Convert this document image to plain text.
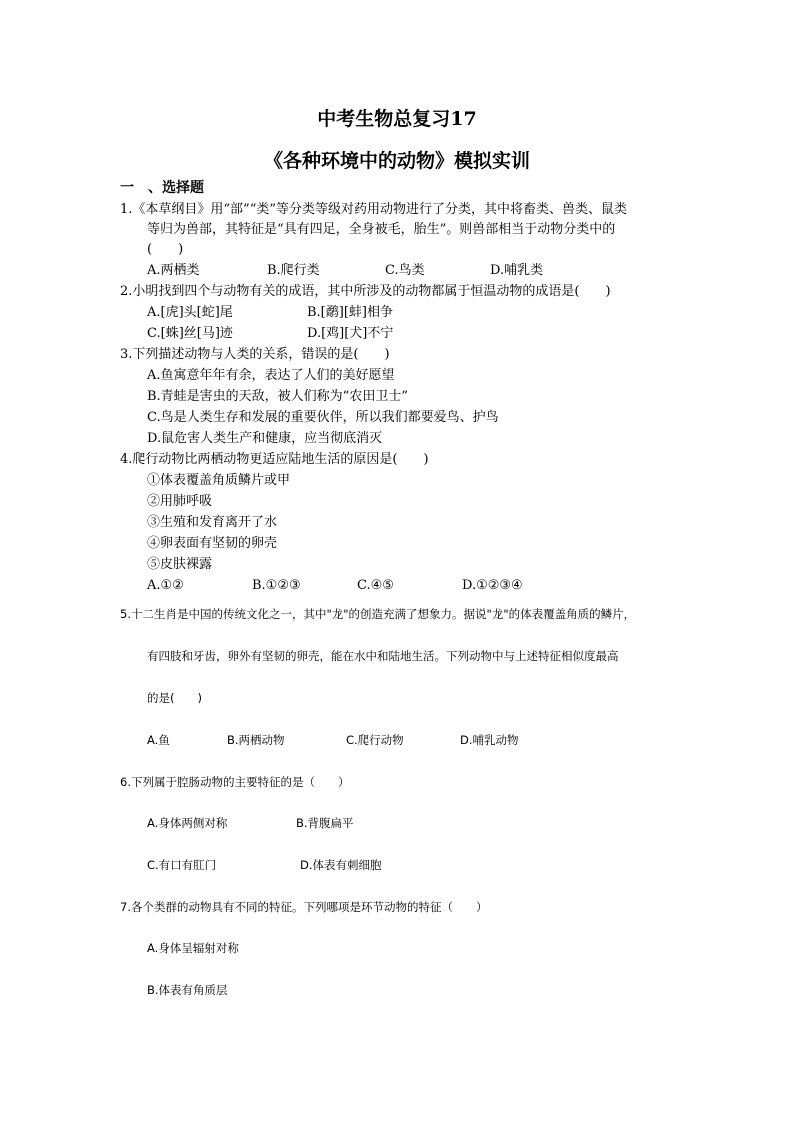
中考生物总复习17
《各种环境中的动物》模拟实训
一　、选择题
1.《本草纲目》用“部”“类”等分类等级对药用动物进行了分类，其中将畜类、兽类、鼠类
等归为兽部，其特征是“具有四足，全身被毛，胎生”。则兽部相当于动物分类中的
(　　)
A.两栖类	B.爬行类	C.鸟类	D.哺乳类
2.小明找到四个与动物有关的成语，其中所涉及的动物都属于恒温动物的成语是(　　)
A.[虎]头[蛇]尾	B.[鹬][蚌]相争
C.[蛛]丝[马]迹	D.[鸡][犬]不宁
3.下列描述动物与人类的关系，错误的是(　　)
A.鱼寓意年年有余，表达了人们的美好愿望
B.青蛙是害虫的天敌，被人们称为“农田卫士”
C.鸟是人类生存和发展的重要伙伴，所以我们都要爱鸟、护鸟
D.鼠危害人类生产和健康，应当彻底消灭
4.爬行动物比两栖动物更适应陆地生活的原因是(　　)
①体表覆盖角质鳞片或甲
②用肺呼吸
③生殖和发育离开了水
④卵表面有坚韧的卵壳
⑤皮肤裸露
A.①②	B.①②③	C.④⑤	D.①②③④
5.十二生肖是中国的传统文化之一，其中"龙"的创造充满了想象力。据说"龙"的体表覆盖角质的鳞片，
有四肢和牙齿，卵外有坚韧的卵壳，能在水中和陆地生活。下列动物中与上述特征相似度最高
的是(　　)
A.鱼	B.两栖动物	C.爬行动物	D.哺乳动物
6.下列属于腔肠动物的主要特征的是（　　）
A.身体两侧对称	B.背腹扁平
C.有口有肛门	D.体表有刺细胞
7.各个类群的动物具有不同的特征。下列哪项是环节动物的特征（　　）
A.身体呈辐射对称
B.体表有角质层
